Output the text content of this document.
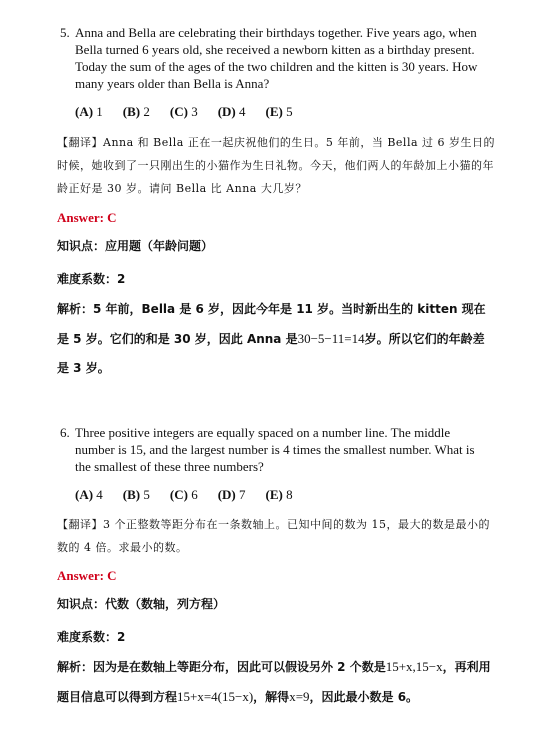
5. Anna and Bella are celebrating their birthdays together. Five years ago, when Bella turned 6 years old, she received a newborn kitten as a birthday present. Today the sum of the ages of the two children and the kitten is 30 years. How many years older than Bella is Anna?
(A) 1 (B) 2 (C) 3 (D) 4 (E) 5
【翻译】Anna 和 Bella 正在一起庆祝他们的生日。5 年前，当 Bella 过 6 岁生日的时候，她收到了一只刚出生的小猫作为生日礼物。今天，他们两人的年龄加上小猫的年龄正好是 30 岁。请问 Bella 比 Anna 大几岁？
Answer: C
知识点：应用题（年龄问题）
难度系数：2
解析：5 年前，Bella 是 6 岁，因此今年是 11 岁。当时新出生的 kitten 现在是 5 岁。它们的和是 30 岁，因此 Anna 是30−5−11=14岁。所以它们的年龄差是 3 岁。
6. Three positive integers are equally spaced on a number line. The middle number is 15, and the largest number is 4 times the smallest number. What is the smallest of these three numbers?
(A) 4 (B) 5 (C) 6 (D) 7 (E) 8
【翻译】3 个正整数等距分布在一条数轴上。已知中间的数为 15，最大的数是最小的数的 4 倍。求最小的数。
Answer: C
知识点：代数（数轴，列方程）
难度系数：2
解析：因为是在数轴上等距分布，因此可以假设另外 2 个数是15+x,15−x，再利用题目信息可以得到方程15+x=4(15−x)，解得x=9，因此最小数是 6。
